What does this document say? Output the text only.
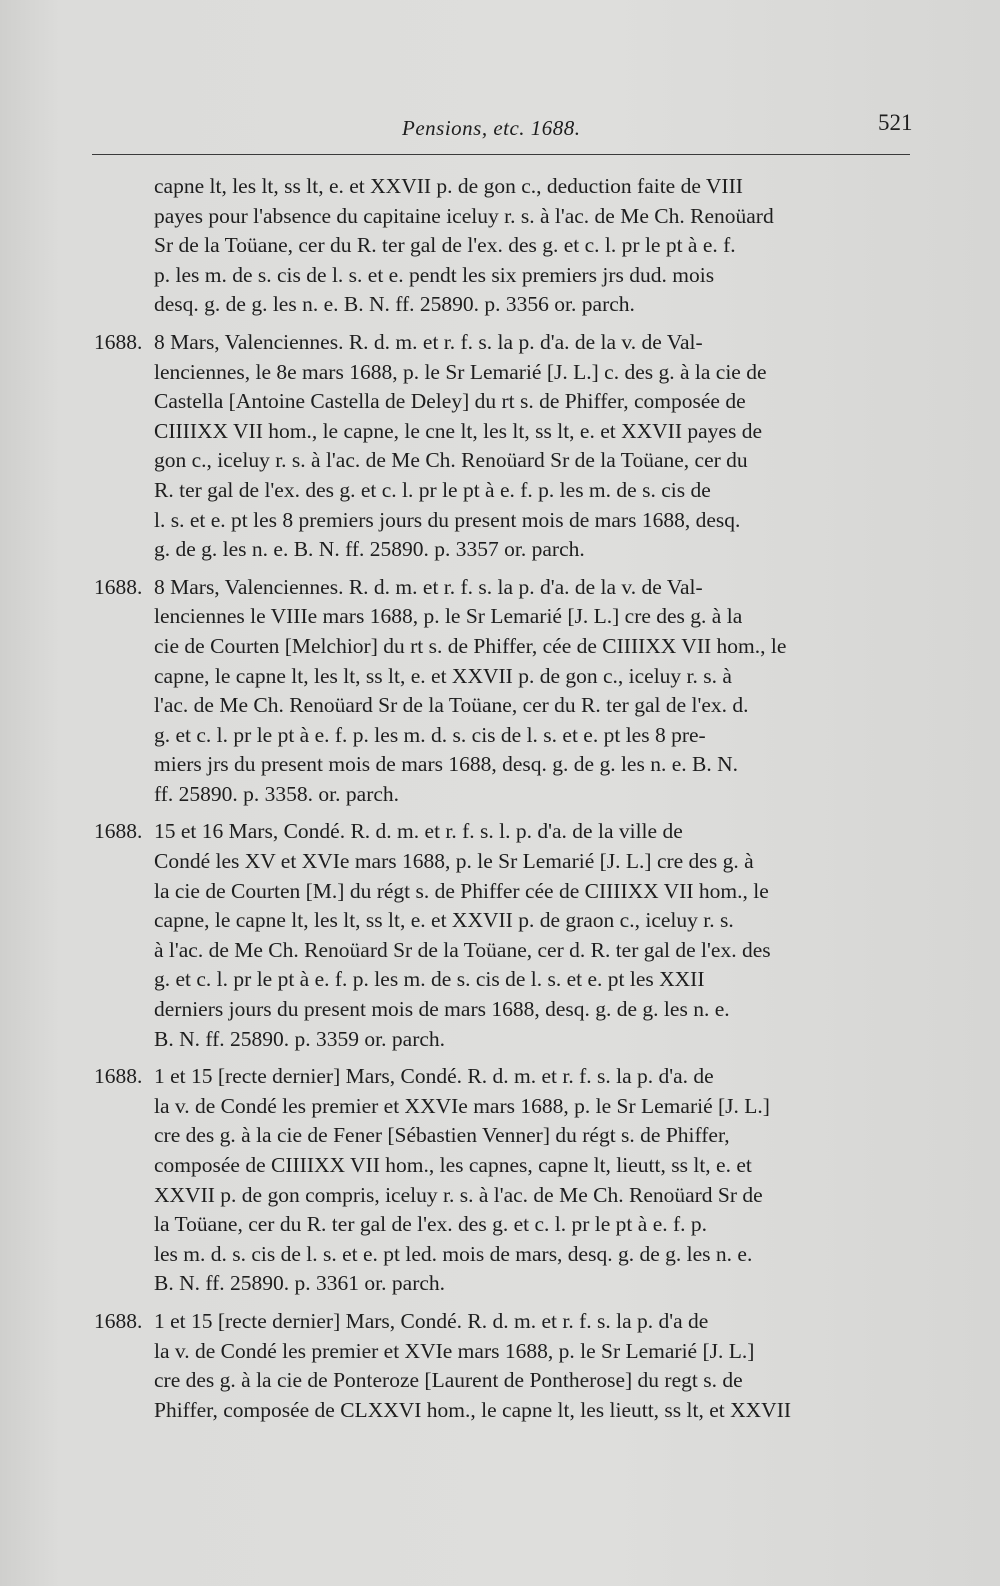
Pensions, etc. 1688.	521
capne lt, les lt, ss lt, e. et XXVII p. de gon c., deduction faite de VIII
payes pour l'absence du capitaine iceluy r. s. à l'ac. de Me Ch. Renoüard
Sr de la Toüane, cer du R. ter gal de l'ex. des g. et c. l. pr le pt à e. f.
p. les m. de s. cis de l. s. et e. pendt les six premiers jrs dud. mois
desq. g. de g. les n. e. B. N. ff. 25890. p. 3356 or. parch.
1688. 8 Mars, Valenciennes. R. d. m. et r. f. s. la p. d'a. de la v. de Val-
lenciennes, le 8e mars 1688, p. le Sr Lemarié [J. L.] c. des g. à la cie de
Castella [Antoine Castella de Deley] du rt s. de Phiffer, composée de
CIIIIXX VII hom., le capne, le cne lt, les lt, ss lt, e. et XXVII payes de
gon c., iceluy r. s. à l'ac. de Me Ch. Renoüard Sr de la Toüane, cer du
R. ter gal de l'ex. des g. et c. l. pr le pt à e. f. p. les m. de s. cis de
l. s. et e. pt les 8 premiers jours du present mois de mars 1688, desq.
g. de g. les n. e. B. N. ff. 25890. p. 3357 or. parch.
1688. 8 Mars, Valenciennes. R. d. m. et r. f. s. la p. d'a. de la v. de Val-
lenciennes le VIIIe mars 1688, p. le Sr Lemarié [J. L.] cre des g. à la
cie de Courten [Melchior] du rt s. de Phiffer, cée de CIIIIXX VII hom., le
capne, le capne lt, les lt, ss lt, e. et XXVII p. de gon c., iceluy r. s. à
l'ac. de Me Ch. Renoüard Sr de la Toüane, cer du R. ter gal de l'ex. d.
g. et c. l. pr le pt à e. f. p. les m. d. s. cis de l. s. et e. pt les 8 pre-
miers jrs du present mois de mars 1688, desq. g. de g. les n. e. B. N.
ff. 25890. p. 3358. or. parch.
1688. 15 et 16 Mars, Condé. R. d. m. et r. f. s. l. p. d'a. de la ville de
Condé les XV et XVIe mars 1688, p. le Sr Lemarié [J. L.] cre des g. à
la cie de Courten [M.] du régt s. de Phiffer cée de CIIIIXX VII hom., le
capne, le capne lt, les lt, ss lt, e. et XXVII p. de graon c., iceluy r. s.
à l'ac. de Me Ch. Renoüard Sr de la Toüane, cer d. R. ter gal de l'ex. des
g. et c. l. pr le pt à e. f. p. les m. de s. cis de l. s. et e. pt les XXII
derniers jours du present mois de mars 1688, desq. g. de g. les n. e.
B. N. ff. 25890. p. 3359 or. parch.
1688. 1 et 15 [recte dernier] Mars, Condé. R. d. m. et r. f. s. la p. d'a. de
la v. de Condé les premier et XXVIe mars 1688, p. le Sr Lemarié [J. L.]
cre des g. à la cie de Fener [Sébastien Venner] du régt s. de Phiffer,
composée de CIIIIXX VII hom., les capnes, capne lt, lieutt, ss lt, e. et
XXVII p. de gon compris, iceluy r. s. à l'ac. de Me Ch. Renoüard Sr de
la Toüane, cer du R. ter gal de l'ex. des g. et c. l. pr le pt à e. f. p.
les m. d. s. cis de l. s. et e. pt led. mois de mars, desq. g. de g. les n. e.
B. N. ff. 25890. p. 3361 or. parch.
1688. 1 et 15 [recte dernier] Mars, Condé. R. d. m. et r. f. s. la p. d'a de
la v. de Condé les premier et XVIe mars 1688, p. le Sr Lemarié [J. L.]
cre des g. à la cie de Ponteroze [Laurent de Pontherose] du regt s. de
Phiffer, composée de CLXXVI hom., le capne lt, les lieutt, ss lt, et XXVII
